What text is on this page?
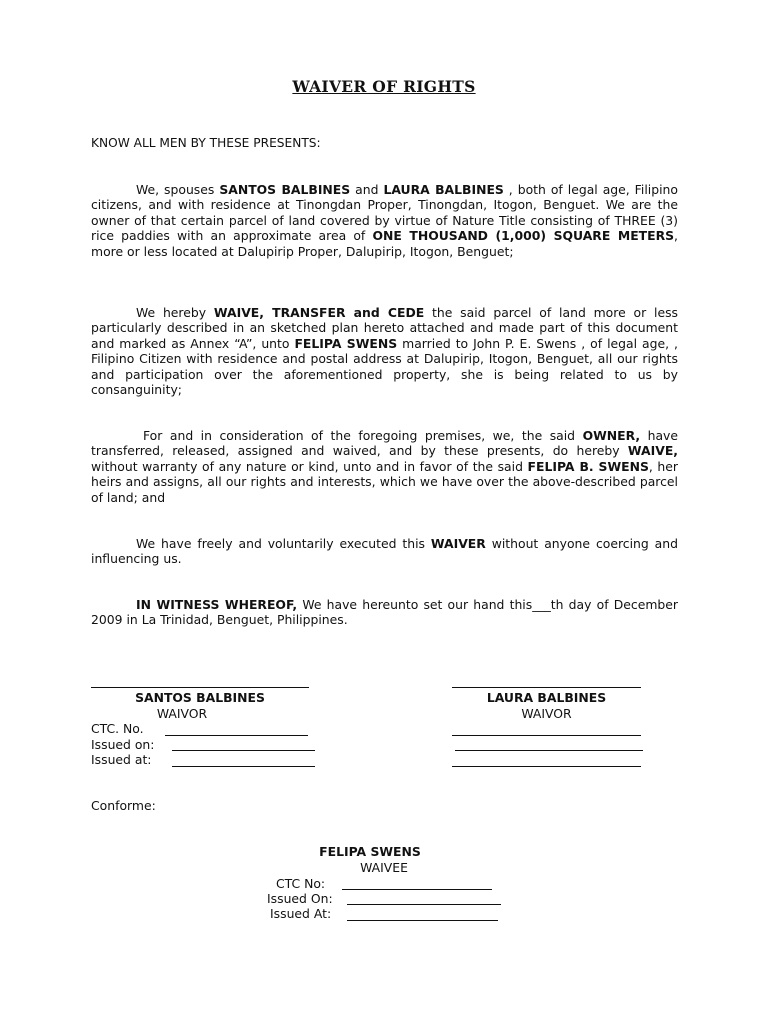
WAIVER OF RIGHTS
KNOW ALL MEN BY THESE PRESENTS:
We, spouses SANTOS BALBINES and LAURA BALBINES , both of legal age, Filipino citizens, and with residence at Tinongdan Proper, Tinongdan, Itogon, Benguet. We are the owner of that certain parcel of land covered by virtue of Nature Title consisting of THREE (3) rice paddies with an approximate area of ONE THOUSAND (1,000) SQUARE METERS, more or less located at Dalupirip Proper, Dalupirip, Itogon, Benguet;
We hereby WAIVE, TRANSFER and CEDE the said parcel of land more or less particularly described in an sketched plan hereto attached and made part of this document and marked as Annex “A”, unto FELIPA SWENS married to John P. E. Swens , of legal age, , Filipino Citizen with residence and postal address at Dalupirip, Itogon, Benguet, all our rights and participation over the aforementioned property, she is being related to us by consanguinity;
For and in consideration of the foregoing premises, we, the said OWNER, have transferred, released, assigned and waived, and by these presents, do hereby WAIVE, without warranty of any nature or kind, unto and in favor of the said FELIPA B. SWENS, her heirs and assigns, all our rights and interests, which we have over the above-described parcel of land; and
We have freely and voluntarily executed this WAIVER without anyone coercing and influencing us.
IN WITNESS WHEREOF, We have hereunto set our hand this___th day of December 2009 in La Trinidad, Benguet, Philippines.
SANTOS BALBINES
WAIVOR
CTC. No.
Issued on:
Issued at:
LAURA BALBINES
WAIVOR
Conforme:
FELIPA SWENS
WAIVEE
CTC No:
Issued On:
Issued At:
